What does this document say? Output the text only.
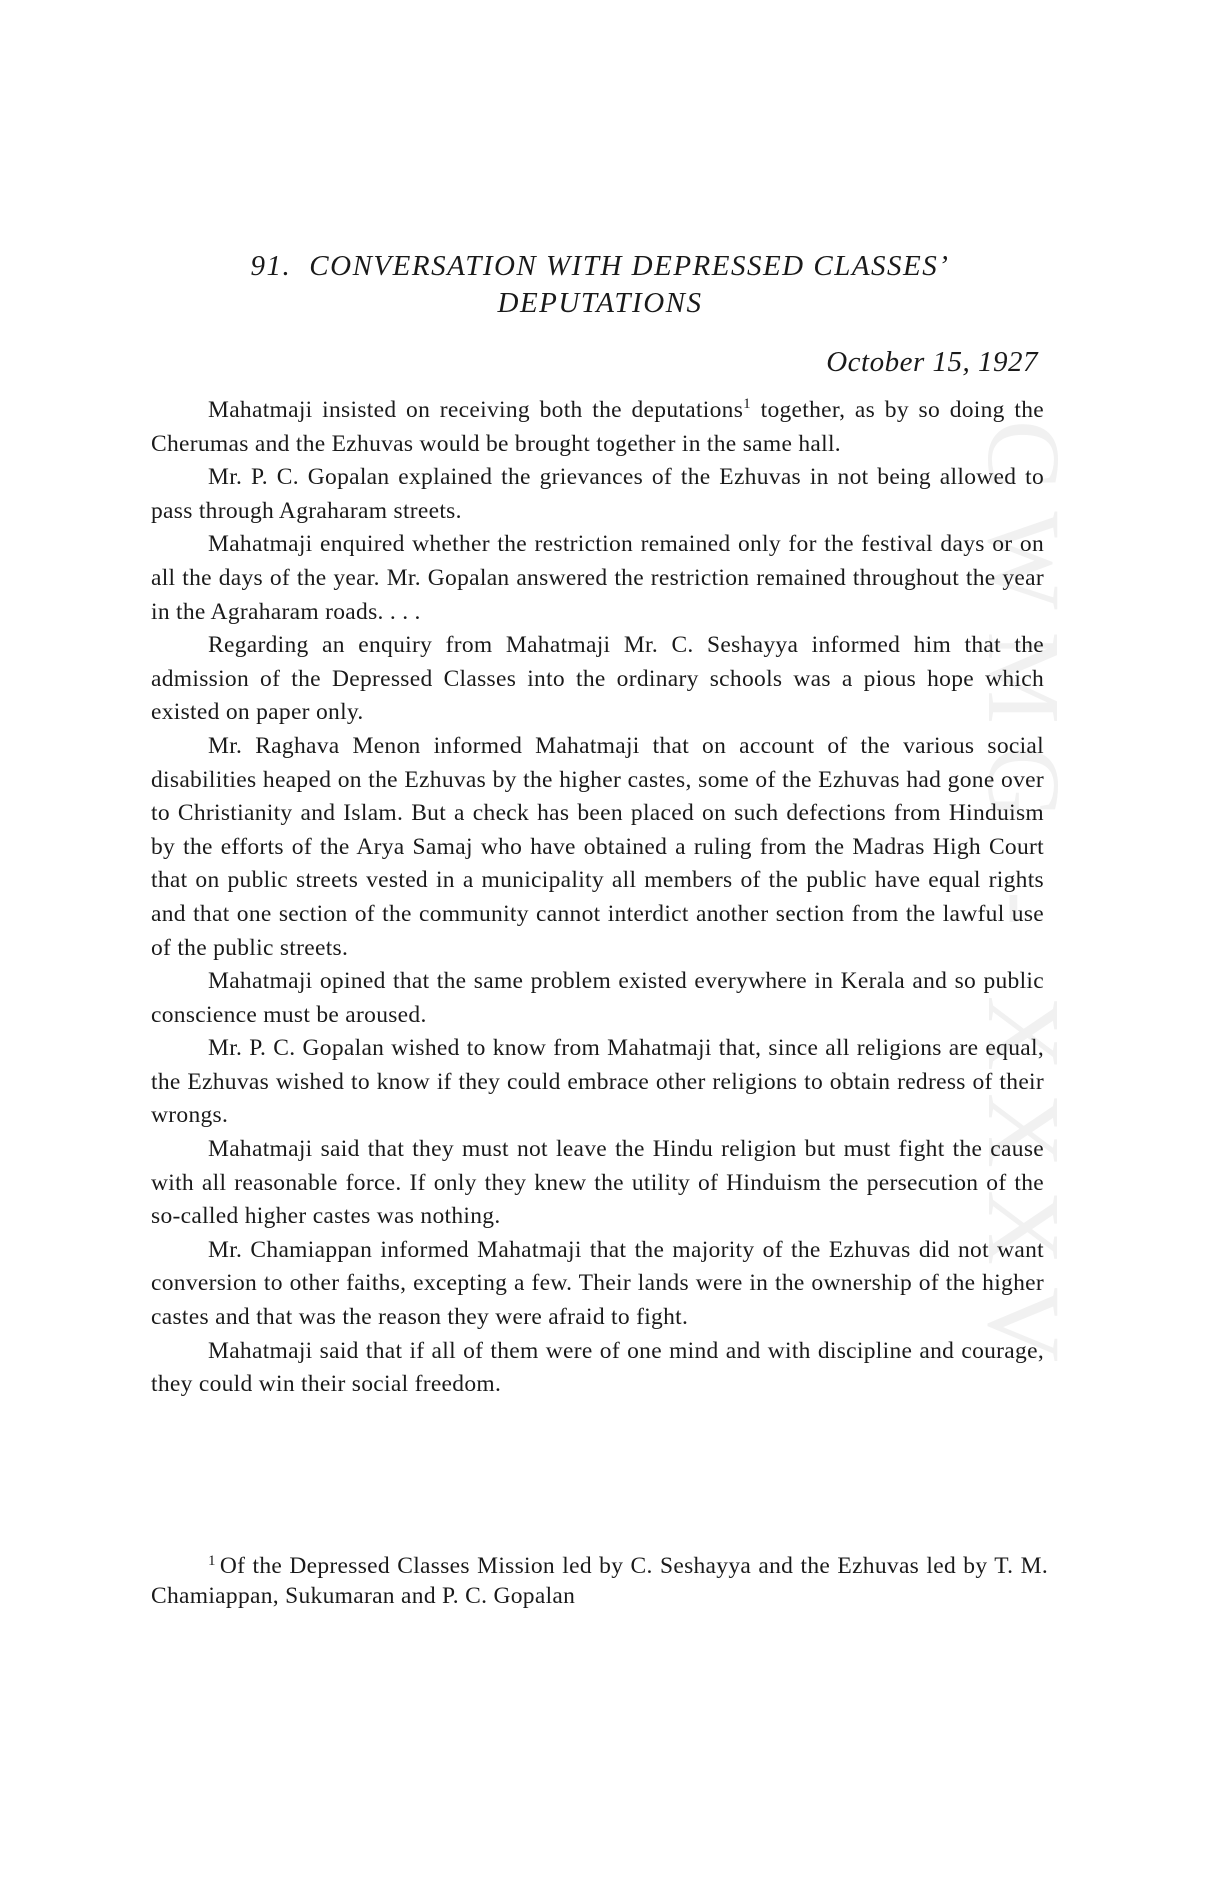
CWMG - XXXV
91. CONVERSATION WITH DEPRESSED CLASSES’
DEPUTATIONS
October 15, 1927

Mahatmaji insisted on receiving both the deputations$^1$ together, as by so doing the Cherumas and the Ezhuvas would be brought together in the same hall.

Mr. P. C. Gopalan explained the grievances of the Ezhuvas in not being allowed to pass through Agraharam streets.

Mahatmaji enquired whether the restriction remained only for the festival days or on all the days of the year. Mr. Gopalan answered the restriction remained throughout the year in the Agraharam roads. . . .

Regarding an enquiry from Mahatmaji Mr. C. Seshayya informed him that the admission of the Depressed Classes into the ordinary schools was a pious hope which existed on paper only.

Mr. Raghava Menon informed Mahatmaji that on account of the various social disabilities heaped on the Ezhuvas by the higher castes, some of the Ezhuvas had gone over to Christianity and Islam. But a check has been placed on such defections from Hinduism by the efforts of the Arya Samaj who have obtained a ruling from the Madras High Court that on public streets vested in a municipality all members of the public have equal rights and that one section of the community cannot interdict another section from the lawful use of the public streets.

Mahatmaji opined that the same problem existed everywhere in Kerala and so public conscience must be aroused.

Mr. P. C. Gopalan wished to know from Mahatmaji that, since all religions are equal, the Ezhuvas wished to know if they could embrace other religions to obtain redress of their wrongs.

Mahatmaji said that they must not leave the Hindu religion but must fight the cause with all reasonable force. If only they knew the utility of Hinduism the persecution of the so-called higher castes was nothing.

Mr. Chamiappan informed Mahatmaji that the majority of the Ezhuvas did not want conversion to other faiths, excepting a few. Their lands were in the ownership of the higher castes and that was the reason they were afraid to fight.

Mahatmaji said that if all of them were of one mind and with discipline and courage, they could win their social freedom.

$^1$ Of the Depressed Classes Mission led by C. Seshayya and the Ezhuvas led by T. M. Chamiappan, Sukumaran and P. C. Gopalan
